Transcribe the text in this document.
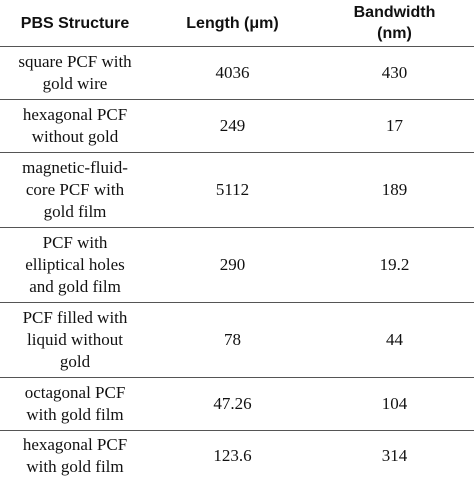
PBS Structure	Length (μm)	Bandwidth
(nm)
square PCF with
gold wire	4036	430
hexagonal PCF
without gold	249	17
magnetic-fluid-
core PCF with
gold film	5112	189
PCF with
elliptical holes
and gold film	290	19.2
PCF filled with
liquid without
gold	78	44
octagonal PCF
with gold film	47.26	104
hexagonal PCF
with gold film	123.6	314
